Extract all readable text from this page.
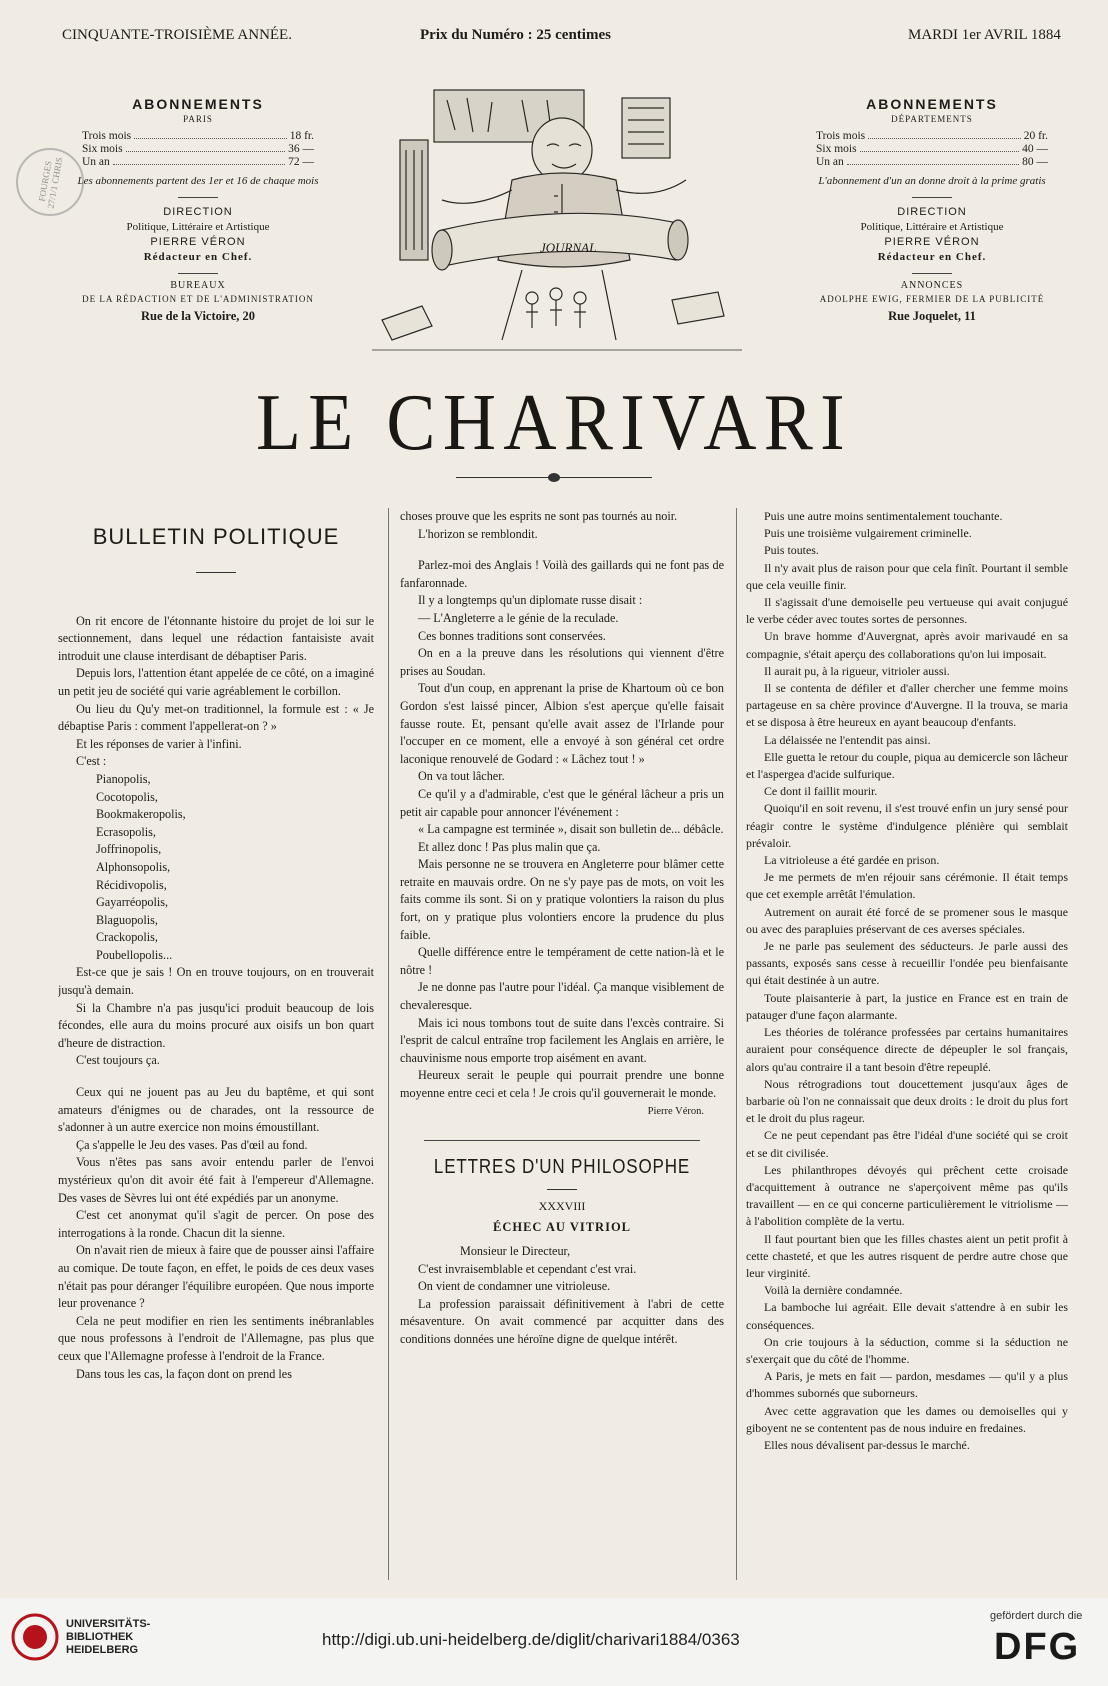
CINQUANTE-TROISIÈME ANNÉE.	Prix du Numéro : 25 centimes	MARDI 1er AVRIL 1884
ABONNEMENTS
PARIS
Trois mois	18 fr.
Six mois	36 —
Un an	72 —
Les abonnements partent des 1er et 16 de chaque mois
DIRECTION
Politique, Littéraire et Artistique
PIERRE VÉRON
Rédacteur en Chef.
BUREAUX
DE LA RÉDACTION ET DE L'ADMINISTRATION
Rue de la Victoire, 20
FOURGES 27/1/1 CHRIS
ABONNEMENTS
DÉPARTEMENTS
Trois mois	20 fr.
Six mois	40 —
Un an	80 —
L'abonnement d'un an donne droit à la prime gratis
DIRECTION
Politique, Littéraire et Artistique
PIERRE VÉRON
Rédacteur en Chef.
ANNONCES
ADOLPHE EWIG, FERMIER DE LA PUBLICITÉ
Rue Joquelet, 11
JOURNAL
LE CHARIVARI
BULLETIN POLITIQUE

On rit encore de l'étonnante histoire du projet de loi sur le sectionnement, dans lequel une rédaction fantaisiste avait introduit une clause interdisant de débaptiser Paris.

Depuis lors, l'attention étant appelée de ce côté, on a imaginé un petit jeu de société qui varie agréablement le corbillon.

Ou lieu du Qu'y met-on traditionnel, la formule est : « Je débaptise Paris : comment l'appellerat-on ? »

Et les réponses de varier à l'infini.

C'est :

Pianopolis,

Cocotopolis,

Bookmakeropolis,

Ecrasopolis,

Joffrinopolis,

Alphonsopolis,

Récidivopolis,

Gayarréopolis,

Blaguopolis,

Crackopolis,

Poubellopolis...

Est-ce que je sais ! On en trouve toujours, on en trouverait jusqu'à demain.

Si la Chambre n'a pas jusqu'ici produit beaucoup de lois fécondes, elle aura du moins procuré aux oisifs un bon quart d'heure de distraction.

C'est toujours ça.

Ceux qui ne jouent pas au Jeu du baptême, et qui sont amateurs d'énigmes ou de charades, ont la ressource de s'adonner à un autre exercice non moins émoustillant.

Ça s'appelle le Jeu des vases. Pas d'œil au fond.

Vous n'êtes pas sans avoir entendu parler de l'envoi mystérieux qu'on dit avoir été fait à l'empereur d'Allemagne. Des vases de Sèvres lui ont été expédiés par un anonyme.

C'est cet anonymat qu'il s'agit de percer. On pose des interrogations à la ronde. Chacun dit la sienne.

On n'avait rien de mieux à faire que de pousser ainsi l'affaire au comique. De toute façon, en effet, le poids de ces deux vases n'était pas pour déranger l'équilibre européen. Que nous importe leur provenance ?

Cela ne peut modifier en rien les sentiments inébranlables que nous professons à l'endroit de l'Allemagne, pas plus que ceux que l'Allemagne professe à l'endroit de la France.

Dans tous les cas, la façon dont on prend les

choses prouve que les esprits ne sont pas tournés au noir.

L'horizon se remblondit.

Parlez-moi des Anglais ! Voilà des gaillards qui ne font pas de fanfaronnade.

Il y a longtemps qu'un diplomate russe disait :

— L'Angleterre a le génie de la reculade.

Ces bonnes traditions sont conservées.

On en a la preuve dans les résolutions qui viennent d'être prises au Soudan.

Tout d'un coup, en apprenant la prise de Khartoum où ce bon Gordon s'est laissé pincer, Albion s'est aperçue qu'elle faisait fausse route. Et, pensant qu'elle avait assez de l'Irlande pour l'occuper en ce moment, elle a envoyé à son général cet ordre laconique renouvelé de Godard : « Lâchez tout ! »

On va tout lâcher.

Ce qu'il y a d'admirable, c'est que le général lâcheur a pris un petit air capable pour annoncer l'événement :

« La campagne est terminée », disait son bulletin de... débâcle.

Et allez donc ! Pas plus malin que ça.

Mais personne ne se trouvera en Angleterre pour blâmer cette retraite en mauvais ordre. On ne s'y paye pas de mots, on voit les faits comme ils sont. Si on y pratique volontiers la raison du plus fort, on y pratique plus volontiers encore la prudence du plus faible.

Quelle différence entre le tempérament de cette nation-là et le nôtre !

Je ne donne pas l'autre pour l'idéal. Ça manque visiblement de chevaleresque.

Mais ici nous tombons tout de suite dans l'excès contraire. Si l'esprit de calcul entraîne trop facilement les Anglais en arrière, le chauvinisme nous emporte trop aisément en avant.

Heureux serait le peuple qui pourrait prendre une bonne moyenne entre ceci et cela ! Je crois qu'il gouvernerait le monde.

Pierre Véron.
LETTRES D'UN PHILOSOPHE
XXXVIII
ÉCHEC AU VITRIOL

Monsieur le Directeur,

C'est invraisemblable et cependant c'est vrai.

On vient de condamner une vitrioleuse.

La profession paraissait définitivement à l'abri de cette mésaventure. On avait commencé par acquitter dans des conditions données une héroïne digne de quelque intérêt.

Puis une autre moins sentimentalement touchante.

Puis une troisième vulgairement criminelle.

Puis toutes.

Il n'y avait plus de raison pour que cela finît. Pourtant il semble que cela veuille finir.

Il s'agissait d'une demoiselle peu vertueuse qui avait conjugué le verbe céder avec toutes sortes de personnes.

Un brave homme d'Auvergnat, après avoir marivaudé en sa compagnie, s'était aperçu des collaborations qu'on lui imposait.

Il aurait pu, à la rigueur, vitrioler aussi.

Il se contenta de défiler et d'aller chercher une femme moins partageuse en sa chère province d'Auvergne. Il la trouva, se maria et se disposa à être heureux en ayant beaucoup d'enfants.

La délaissée ne l'entendit pas ainsi.

Elle guetta le retour du couple, piqua au demicercle son lâcheur et l'aspergea d'acide sulfurique.

Ce dont il faillit mourir.

Quoiqu'il en soit revenu, il s'est trouvé enfin un jury sensé pour réagir contre le système d'indulgence plénière qui semblait prévaloir.

La vitrioleuse a été gardée en prison.

Je me permets de m'en réjouir sans cérémonie. Il était temps que cet exemple arrêtât l'émulation.

Autrement on aurait été forcé de se promener sous le masque ou avec des parapluies préservant de ces averses spéciales.

Je ne parle pas seulement des séducteurs. Je parle aussi des passants, exposés sans cesse à recueillir l'ondée peu bienfaisante qui était destinée à un autre.

Toute plaisanterie à part, la justice en France est en train de patauger d'une façon alarmante.

Les théories de tolérance professées par certains humanitaires auraient pour conséquence directe de dépeupler le sol français, alors qu'au contraire il a tant besoin d'être repeuplé.

Nous rétrogradions tout doucettement jusqu'aux âges de barbarie où l'on ne connaissait que deux droits : le droit du plus fort et le droit du plus rageur.

Ce ne peut cependant pas être l'idéal d'une société qui se croit et se dit civilisée.

Les philanthropes dévoyés qui prêchent cette croisade d'acquittement à outrance ne s'aperçoivent même pas qu'ils travaillent — en ce qui concerne particulièrement le vitriolisme — à l'abolition complète de la vertu.

Il faut pourtant bien que les filles chastes aient un petit profit à cette chasteté, et que les autres risquent de perdre autre chose que leur virginité.

Voilà la dernière condamnée.

La bamboche lui agréait. Elle devait s'attendre à en subir les conséquences.

On crie toujours à la séduction, comme si la séduction ne s'exerçait que du côté de l'homme.

A Paris, je mets en fait — pardon, mesdames — qu'il y a plus d'hommes subornés que suborneurs.

Avec cette aggravation que les dames ou demoiselles qui y giboyent ne se contentent pas de nous induire en fredaines.

Elles nous dévalisent par-dessus le marché.

UNIVERSITÄTS-
BIBLIOTHEK
HEIDELBERG
http://digi.ub.uni-heidelberg.de/diglit/charivari1884/0363
gefördert durch die
DFG
